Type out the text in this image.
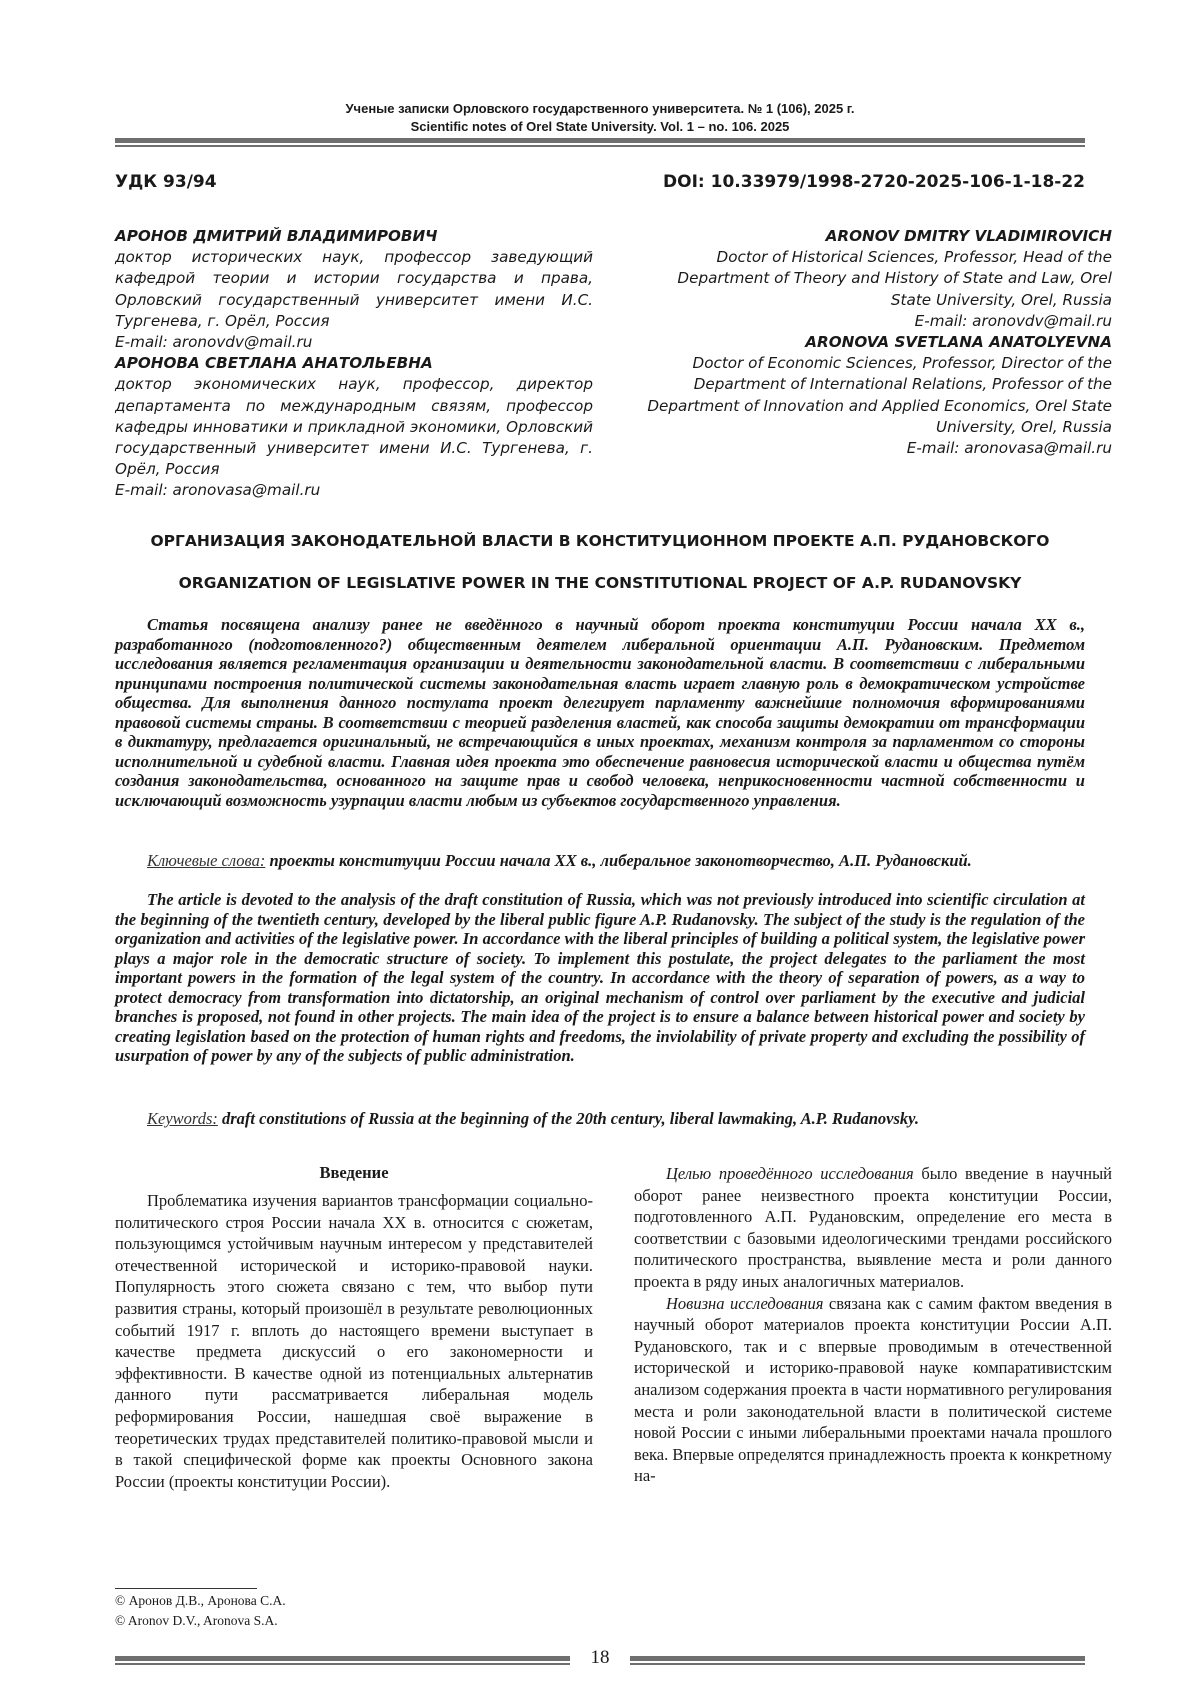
Ученые записки Орловского государственного университета. № 1 (106), 2025 г.
Scientific notes of Orel State University. Vol. 1 – no. 106. 2025
УДК 93/94	DOI: 10.33979/1998-2720-2025-106-1-18-22
АРОНОВ ДМИТРИЙ ВЛАДИМИРОВИЧ
доктор исторических наук, профессор заведующий кафедрой теории и истории государства и права, Орловский государственный университет имени И.С. Тургенева, г. Орёл, Россия
E-mail: aronovdv@mail.ru
АРОНОВА СВЕТЛАНА АНАТОЛЬЕВНА
доктор экономических наук, профессор, директор департамента по международным связям, профессор кафедры инноватики и прикладной экономики, Орловский государственный университет имени И.С. Тургенева, г. Орёл, Россия
E-mail: aronovasa@mail.ru
ARONOV DMITRY VLADIMIROVICH
Doctor of Historical Sciences, Professor, Head of the Department of Theory and History of State and Law, Orel State University, Orel, Russia
E-mail: aronovdv@mail.ru
ARONOVA SVETLANA ANATOLYEVNA
Doctor of Economic Sciences, Professor, Director of the Department of International Relations, Professor of the Department of Innovation and Applied Economics, Orel State University, Orel, Russia
E-mail: aronovasa@mail.ru
ОРГАНИЗАЦИЯ ЗАКОНОДАТЕЛЬНОЙ ВЛАСТИ В КОНСТИТУЦИОННОМ ПРОЕКТЕ А.П. РУДАНОВСКОГО
ORGANIZATION OF LEGISLATIVE POWER IN THE CONSTITUTIONAL PROJECT OF A.P. RUDANOVSKY
Статья посвящена анализу ранее не введённого в научный оборот проекта конституции России начала XX в., разработанного (подготовленного?) общественным деятелем либеральной ориентации А.П. Рудановским. Предметом исследования является регламентация организации и деятельности законодательной власти. В соответствии с либеральными принципами построения политической системы законодательная власть играет главную роль в демократическом устройстве общества. Для выполнения данного постулата проект делегирует парламенту важнейшие полномочия вформированиями правовой системы страны. В соответствии с теорией разделения властей, как способа защиты демократии от трансформации в диктатуру, предлагается оригинальный, не встречающийся в иных проектах, механизм контроля за парламентом со стороны исполнительной и судебной власти. Главная идея проекта это обеспечение равновесия исторической власти и общества путём создания законодательства, основанного на защите прав и свобод человека, неприкосновенности частной собственности и исключающий возможность узурпации власти любым из субъектов государственного управления.
Ключевые слова: проекты конституции России начала XX в., либеральное законотворчество, А.П. Рудановский.
The article is devoted to the analysis of the draft constitution of Russia, which was not previously introduced into scientific circulation at the beginning of the twentieth century, developed by the liberal public figure A.P. Rudanovsky. The subject of the study is the regulation of the organization and activities of the legislative power. In accordance with the liberal principles of building a political system, the legislative power plays a major role in the democratic structure of society. To implement this postulate, the project delegates to the parliament the most important powers in the formation of the legal system of the country. In accordance with the theory of separation of powers, as a way to protect democracy from transformation into dictatorship, an original mechanism of control over parliament by the executive and judicial branches is proposed, not found in other projects. The main idea of the project is to ensure a balance between historical power and society by creating legislation based on the protection of human rights and freedoms, the inviolability of private property and excluding the possibility of usurpation of power by any of the subjects of public administration.
Keywords: draft constitutions of Russia at the beginning of the 20th century, liberal lawmaking, A.P. Rudanovsky.
Введение

Проблематика изучения вариантов трансформации социально-политического строя России начала XX в. относится с сюжетам, пользующимся устойчивым научным интересом у представителей отечественной исторической и историко-правовой науки. Популярность этого сюжета связано с тем, что выбор пути развития страны, который произошёл в результате революционных событий 1917 г. вплоть до настоящего времени выступает в качестве предмета дискуссий о его закономерности и эффективности. В качестве одной из потенциальных альтернатив данного пути рассматривается либеральная модель реформирования России, нашедшая своё выражение в теоретических трудах представителей политико-правовой мысли и в такой специфической форме как проекты Основного закона России (проекты конституции России).

Целью проведённого исследования было введение в научный оборот ранее неизвестного проекта конституции России, подготовленного А.П. Рудановским, определение его места в соответствии с базовыми идеологическими трендами российского политического пространства, выявление места и роли данного проекта в ряду иных аналогичных материалов.

Новизна исследования связана как с самим фактом введения в научный оборот материалов проекта конституции России А.П. Рудановского, так и с впервые проводимым в отечественной исторической и историко-правовой науке компаративистским анализом содержания проекта в части нормативного регулирования места и роли законодательной власти в политической системе новой России с иными либеральными проектами начала прошлого века. Впервые определятся принадлежность проекта к конкретному на-

© Аронов Д.В., Аронова С.А.
© Aronov D.V., Aronova S.A.
18
